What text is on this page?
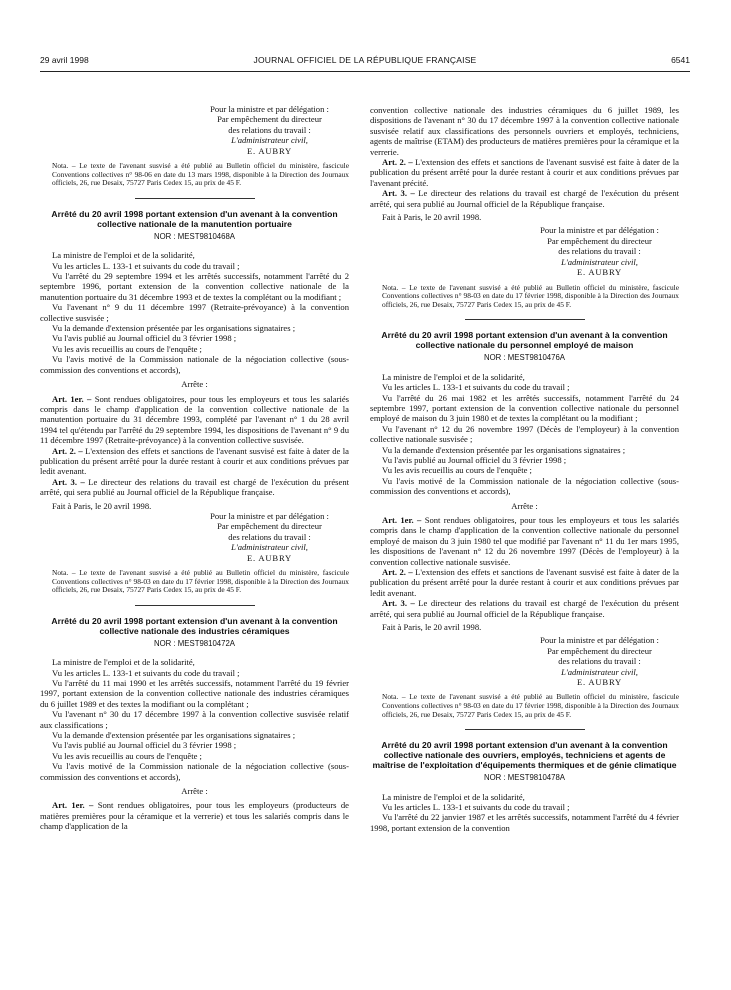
29 avril 1998	JOURNAL OFFICIEL DE LA RÉPUBLIQUE FRANÇAISE	6541
Pour la ministre et par délégation :
Par empêchement du directeur
des relations du travail :
L'administrateur civil,
E. AUBRY

Nota. – Le texte de l'avenant susvisé a été publié au Bulletin officiel du ministère, fascicule Conventions collectives n° 98-06 en date du 13 mars 1998, disponible à la Direction des Journaux officiels, 26, rue Desaix, 75727 Paris Cedex 15, au prix de 45 F.

Arrêté du 20 avril 1998 portant extension d'un avenant à la convention collective nationale de la manutention portuaire

NOR : MEST9810468A

La ministre de l'emploi et de la solidarité,

Vu les articles L. 133-1 et suivants du code du travail ;

Vu l'arrêté du 29 septembre 1994 et les arrêtés successifs, notamment l'arrêté du 2 septembre 1996, portant extension de la convention collective nationale de la manutention portuaire du 31 décembre 1993 et de textes la complétant ou la modifiant ;

Vu l'avenant n° 9 du 11 décembre 1997 (Retraite-prévoyance) à la convention collective susvisée ;

Vu la demande d'extension présentée par les organisations signataires ;

Vu l'avis publié au Journal officiel du 3 février 1998 ;

Vu les avis recueillis au cours de l'enquête ;

Vu l'avis motivé de la Commission nationale de la négociation collective (sous-commission des conventions et accords),

Arrête :

Art. 1er. – Sont rendues obligatoires, pour tous les employeurs et tous les salariés compris dans le champ d'application de la convention collective nationale de la manutention portuaire du 31 décembre 1993, complété par l'avenant n° 1 du 28 avril 1994 tel qu'étendu par l'arrêté du 29 septembre 1994, les dispositions de l'avenant n° 9 du 11 décembre 1997 (Retraite-prévoyance) à la convention collective susvisée.

Art. 2. – L'extension des effets et sanctions de l'avenant susvisé est faite à dater de la publication du présent arrêté pour la durée restant à courir et aux conditions prévues par ledit avenant.

Art. 3. – Le directeur des relations du travail est chargé de l'exécution du présent arrêté, qui sera publié au Journal officiel de la République française.

Fait à Paris, le 20 avril 1998.

Pour la ministre et par délégation :
Par empêchement du directeur
des relations du travail :
L'administrateur civil,
E. AUBRY

Nota. – Le texte de l'avenant susvisé a été publié au Bulletin officiel du ministère, fascicule Conventions collectives n° 98-03 en date du 17 février 1998, disponible à la Direction des Journaux officiels, 26, rue Desaix, 75727 Paris Cedex 15, au prix de 45 F.

Arrêté du 20 avril 1998 portant extension d'un avenant à la convention collective nationale des industries céramiques

NOR : MEST9810472A

La ministre de l'emploi et de la solidarité,

Vu les articles L. 133-1 et suivants du code du travail ;

Vu l'arrêté du 11 mai 1990 et les arrêtés successifs, notamment l'arrêté du 19 février 1997, portant extension de la convention collective nationale des industries céramiques du 6 juillet 1989 et des textes la modifiant ou la complétant ;

Vu l'avenant n° 30 du 17 décembre 1997 à la convention collective susvisée relatif aux classifications ;

Vu la demande d'extension présentée par les organisations signataires ;

Vu l'avis publié au Journal officiel du 3 février 1998 ;

Vu les avis recueillis au cours de l'enquête ;

Vu l'avis motivé de la Commission nationale de la négociation collective (sous-commission des conventions et accords),

Arrête :

Art. 1er. – Sont rendues obligatoires, pour tous les employeurs (producteurs de matières premières pour la céramique et la verrerie) et tous les salariés compris dans le champ d'application de la

convention collective nationale des industries céramiques du 6 juillet 1989, les dispositions de l'avenant n° 30 du 17 décembre 1997 à la convention collective nationale susvisée relatif aux classifications des personnels ouvriers et employés, techniciens, agents de maîtrise (ETAM) des producteurs de matières premières pour la céramique et la verrerie.

Art. 2. – L'extension des effets et sanctions de l'avenant susvisé est faite à dater de la publication du présent arrêté pour la durée restant à courir et aux conditions prévues par l'avenant précité.

Art. 3. – Le directeur des relations du travail est chargé de l'exécution du présent arrêté, qui sera publié au Journal officiel de la République française.

Fait à Paris, le 20 avril 1998.

Pour la ministre et par délégation :
Par empêchement du directeur
des relations du travail :
L'administrateur civil,
E. AUBRY

Nota. – Le texte de l'avenant susvisé a été publié au Bulletin officiel du ministère, fascicule Conventions collectives n° 98-03 en date du 17 février 1998, disponible à la Direction des Journaux officiels, 26, rue Desaix, 75727 Paris Cedex 15, au prix de 45 F.

Arrêté du 20 avril 1998 portant extension d'un avenant à la convention collective nationale du personnel employé de maison

NOR : MEST9810476A

La ministre de l'emploi et de la solidarité,

Vu les articles L. 133-1 et suivants du code du travail ;

Vu l'arrêté du 26 mai 1982 et les arrêtés successifs, notamment l'arrêté du 24 septembre 1997, portant extension de la convention collective nationale du personnel employé de maison du 3 juin 1980 et de textes la complétant ou la modifiant ;

Vu l'avenant n° 12 du 26 novembre 1997 (Décès de l'employeur) à la convention collective nationale susvisée ;

Vu la demande d'extension présentée par les organisations signataires ;

Vu l'avis publié au Journal officiel du 3 février 1998 ;

Vu les avis recueillis au cours de l'enquête ;

Vu l'avis motivé de la Commission nationale de la négociation collective (sous-commission des conventions et accords),

Arrête :

Art. 1er. – Sont rendues obligatoires, pour tous les employeurs et tous les salariés compris dans le champ d'application de la convention collective nationale du personnel employé de maison du 3 juin 1980 tel que modifié par l'avenant n° 11 du 1er mars 1995, les dispositions de l'avenant n° 12 du 26 novembre 1997 (Décès de l'employeur) à la convention collective nationale susvisée.

Art. 2. – L'extension des effets et sanctions de l'avenant susvisé est faite à dater de la publication du présent arrêté pour la durée restant à courir et aux conditions prévues par ledit avenant.

Art. 3. – Le directeur des relations du travail est chargé de l'exécution du présent arrêté, qui sera publié au Journal officiel de la République française.

Fait à Paris, le 20 avril 1998.

Pour la ministre et par délégation :
Par empêchement du directeur
des relations du travail :
L'administrateur civil,
E. AUBRY

Nota. – Le texte de l'avenant susvisé a été publié au Bulletin officiel du ministère, fascicule Conventions collectives n° 98-03 en date du 17 février 1998, disponible à la Direction des Journaux officiels, 26, rue Desaix, 75727 Paris Cedex 15, au prix de 45 F.

Arrêté du 20 avril 1998 portant extension d'un avenant à la convention collective nationale des ouvriers, employés, techniciens et agents de maîtrise de l'exploitation d'équipements thermiques et de génie climatique

NOR : MEST9810478A

La ministre de l'emploi et de la solidarité,

Vu les articles L. 133-1 et suivants du code du travail ;

Vu l'arrêté du 22 janvier 1987 et les arrêtés successifs, notamment l'arrêté du 4 février 1998, portant extension de la convention
